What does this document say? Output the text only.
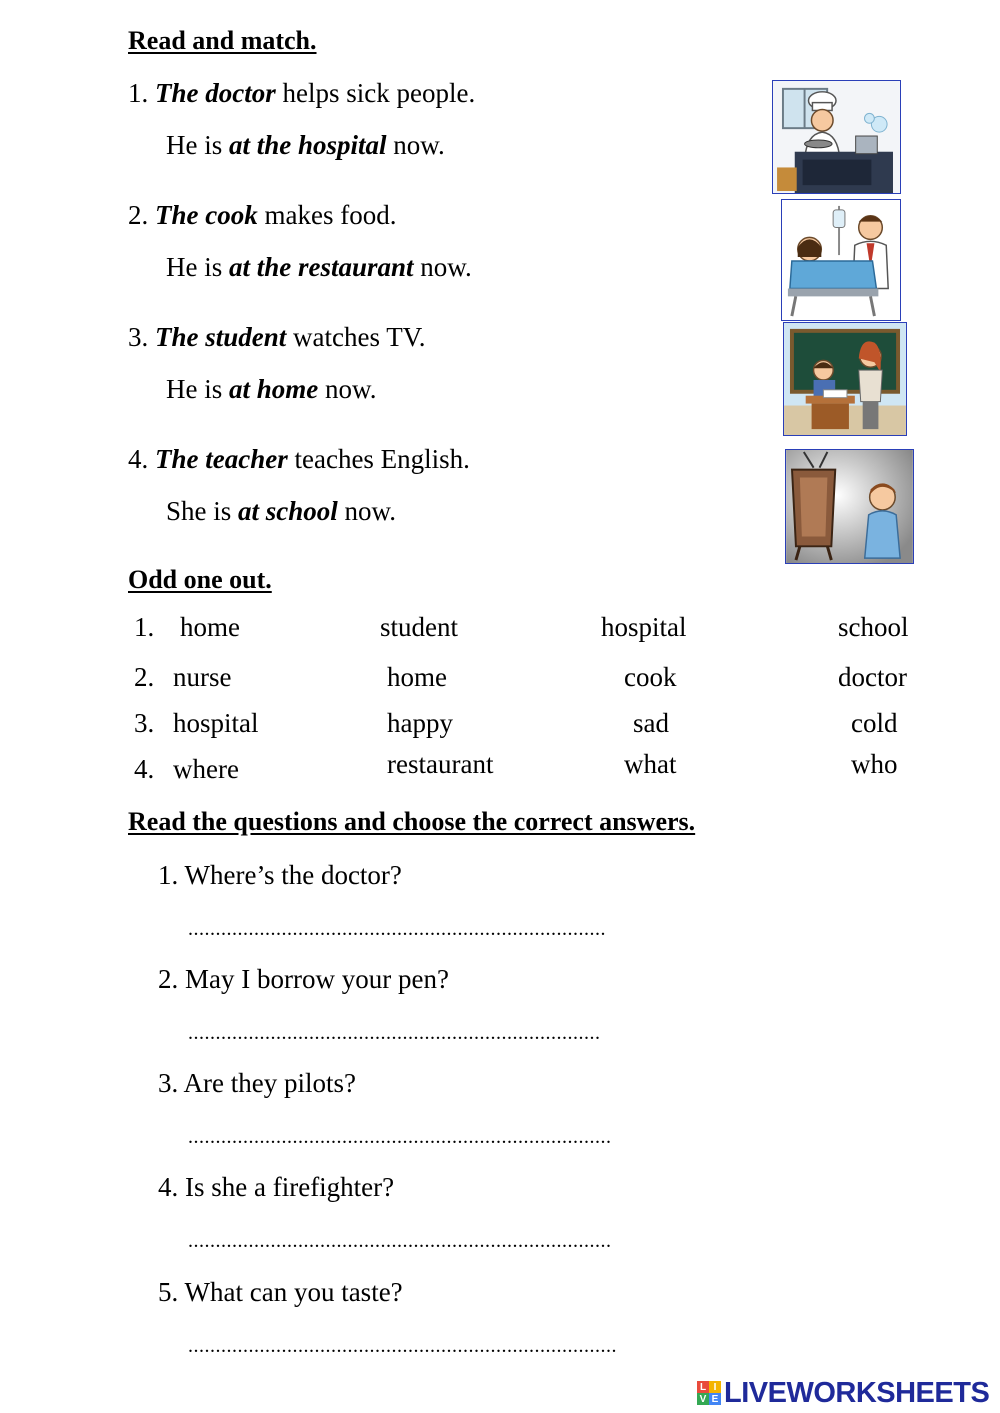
Read and match.
1. The doctor helps sick people.
He is at the hospital now.
2. The cook makes food.
He is at the restaurant now.
3. The student watches TV.
He is at home now.
4. The teacher teaches English.
She is at school now.
Odd one out.
1. home	student	hospital	school
2. nurse	home	cook	doctor
3. hospital	happy	sad	cold
4. where	restaurant	what	who
Read the questions and choose the correct answers.
1. Where’s the doctor?
............................................................................
2. May I borrow your pen?
...........................................................................
3. Are they pilots?
.............................................................................
4. Is she a firefighter?
.............................................................................
5. What can you taste?
..............................................................................
L I
V E LIVEWORKSHEETS
